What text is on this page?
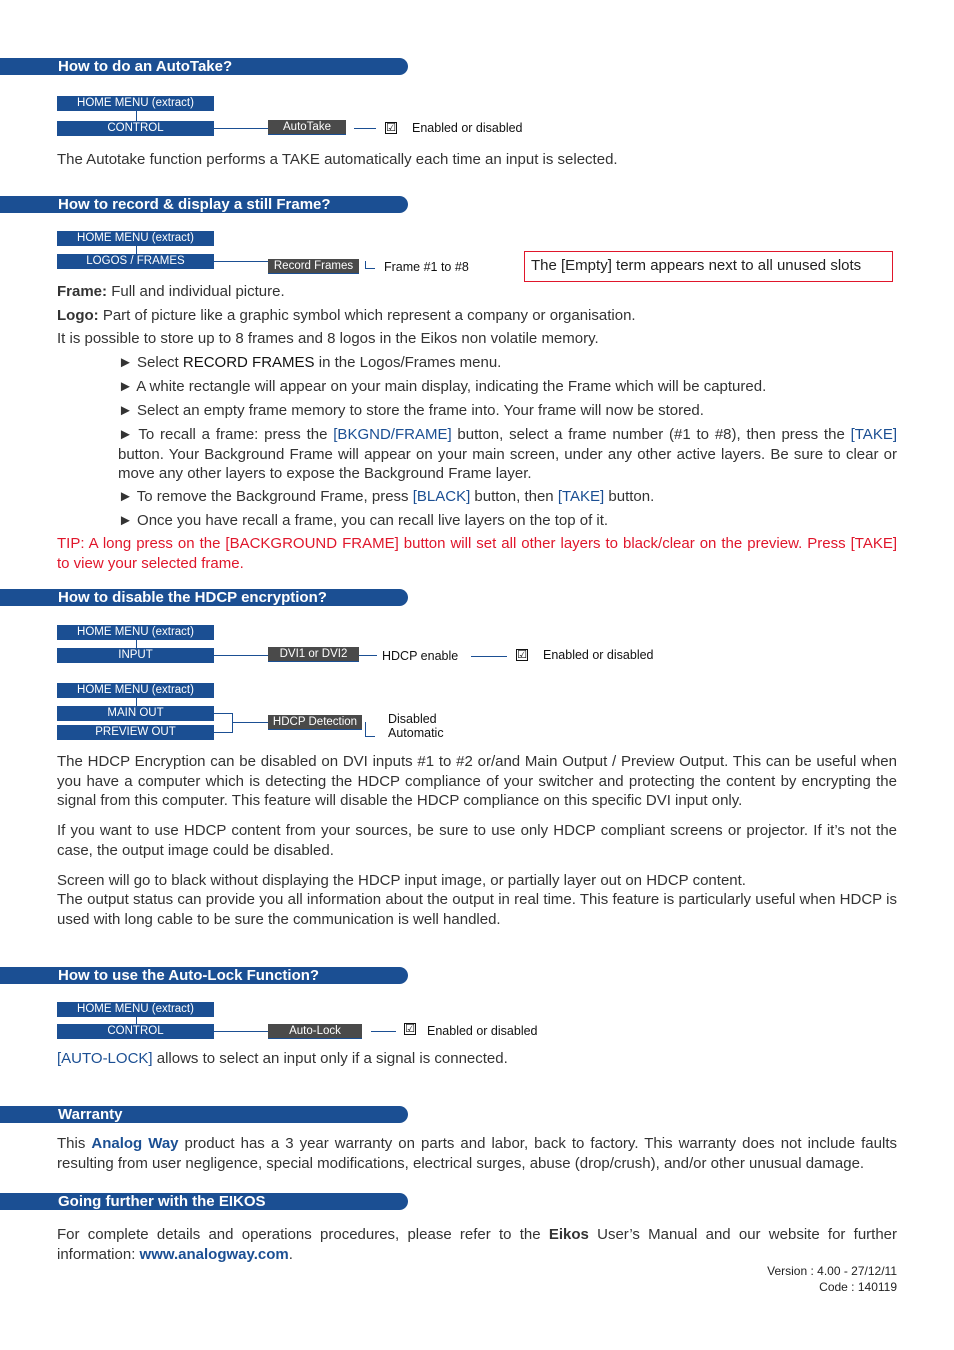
How to do an AutoTake?
HOME MENU (extract)
CONTROL	AutoTake	☑ Enabled or disabled
The Autotake function performs a TAKE automatically each time an input is selected.
How to record & display a still Frame?
HOME MENU (extract)
LOGOS / FRAMES	Record Frames	Frame #1 to #8	The [Empty] term appears next to all unused slots
Frame: Full and individual picture.
Logo: Part of picture like a graphic symbol which represent a company or organisation.
It is possible to store up to 8 frames and 8 logos in the Eikos non volatile memory.
► Select RECORD FRAMES in the Logos/Frames menu.
► A white rectangle will appear on your main display, indicating the Frame which will be captured.
► Select an empty frame memory to store the frame into. Your frame will now be stored.
► To recall a frame: press the [BKGND/FRAME] button, select a frame number (#1 to #8), then press the [TAKE] button. Your Background Frame will appear on your main screen, under any other active layers. Be sure to clear or move any other layers to expose the Background Frame layer.
► To remove the Background Frame, press [BLACK] button, then [TAKE] button.
► Once you have recall a frame, you can recall live layers on the top of it.
TIP: A long press on the [BACKGROUND FRAME] button will set all other layers to black/clear on the preview. Press [TAKE] to view your selected frame.
How to disable the HDCP encryption?
HOME MENU (extract)
INPUT	DVI1 or DVI2	HDCP enable	☑ Enabled or disabled
HOME MENU (extract)
MAIN OUT
PREVIEW OUT
HDCP Detection	Disabled
Automatic
The HDCP Encryption can be disabled on DVI inputs #1 to #2 or/and Main Output / Preview Output. This can be useful when you have a computer which is detecting the HDCP compliance of your switcher and protecting the content by encrypting the signal from this computer. This feature will disable the HDCP compliance on this specific DVI input only.
If you want to use HDCP content from your sources, be sure to use only HDCP compliant screens or projector. If it’s not the case, the output image could be disabled.
Screen will go to black without displaying the HDCP input image, or partially layer out on HDCP content.
The output status can provide you all information about the output in real time. This feature is particularly useful when HDCP is used with long cable to be sure the communication is well handled.
How to use the Auto-Lock Function?
HOME MENU (extract)
CONTROL	Auto-Lock	☑ Enabled or disabled
[AUTO-LOCK] allows to select an input only if a signal is connected.
Warranty
This Analog Way product has a 3 year warranty on parts and labor, back to factory. This warranty does not include faults resulting from user negligence, special modifications, electrical surges, abuse (drop/crush), and/or other unusual damage.
Going further with the EIKOS
For complete details and operations procedures, please refer to the Eikos User’s Manual and our website for further information: www.analogway.com.
Version : 4.00 - 27/12/11
Code : 140119
